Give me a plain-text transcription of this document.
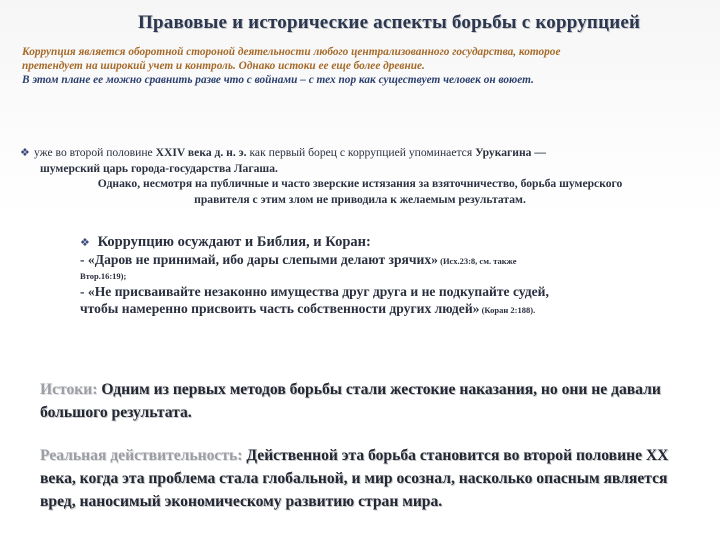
Правовые и исторические аспекты борьбы с коррупцией
Коррупция является оборотной стороной деятельности любого централизованного государства, которое
претендует на широкий учет и контроль. Однако истоки ее еще более древние.
В этом плане ее можно сравнить разве что с войнами – с тех пор как существует человек он воюет.
❖ уже во второй половине XXIV века д. н. э. как первый борец с коррупцией упоминается Урукагина —
шумерский царь города-государства Лагаша.
Однако, несмотря на публичные и часто зверские истязания за взяточничество, борьба шумерского
правителя с этим злом не приводила к желаемым результатам.
❖ Коррупцию осуждают и Библия, и Коран:
- «Даров не принимай, ибо дары слепыми делают зрячих» (Исх.23:8, см. также
Втор.16:19);
- «Не присваивайте незаконно имущества друг друга и не подкупайте судей,
чтобы намеренно присвоить часть собственности других людей» (Коран 2:188).
Истоки: Одним из первых методов борьбы стали жестокие наказания, но они не давали большого результата.
Реальная действительность: Действенной эта борьба становится во второй половине XX века, когда эта проблема стала глобальной, и мир осознал, насколько опасным является вред, наносимый экономическому развитию стран мира.
